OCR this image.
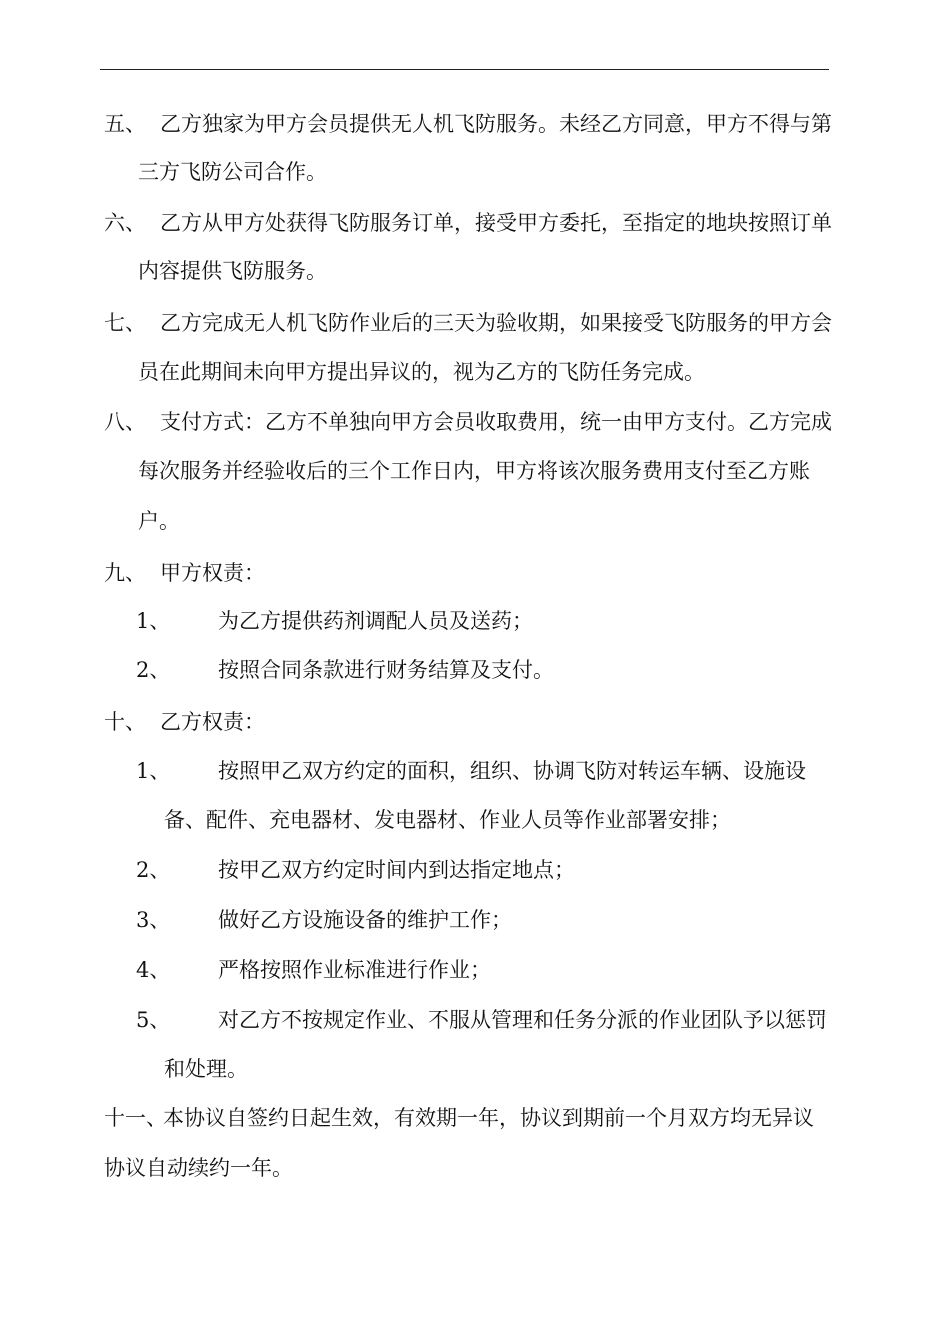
五、 乙方独家为甲方会员提供无人机飞防服务。未经乙方同意，甲方不得与第
三方飞防公司合作。
六、 乙方从甲方处获得飞防服务订单，接受甲方委托，至指定的地块按照订单
内容提供飞防服务。
七、 乙方完成无人机飞防作业后的三天为验收期，如果接受飞防服务的甲方会
员在此期间未向甲方提出异议的，视为乙方的飞防任务完成。
八、 支付方式：乙方不单独向甲方会员收取费用，统一由甲方支付。乙方完成
每次服务并经验收后的三个工作日内，甲方将该次服务费用支付至乙方账
户。
九、 甲方权责：
1、 为乙方提供药剂调配人员及送药；
2、 按照合同条款进行财务结算及支付。
十、 乙方权责：
1、 按照甲乙双方约定的面积，组织、协调飞防对转运车辆、设施设
备、配件、充电器材、发电器材、作业人员等作业部署安排；
2、 按甲乙双方约定时间内到达指定地点；
3、 做好乙方设施设备的维护工作；
4、 严格按照作业标准进行作业；
5、 对乙方不按规定作业、不服从管理和任务分派的作业团队予以惩罚
和处理。
十一、
本协议自签约日起生效，有效期一年，协议到期前一个月双方均无异议
协议自动续约一年。
